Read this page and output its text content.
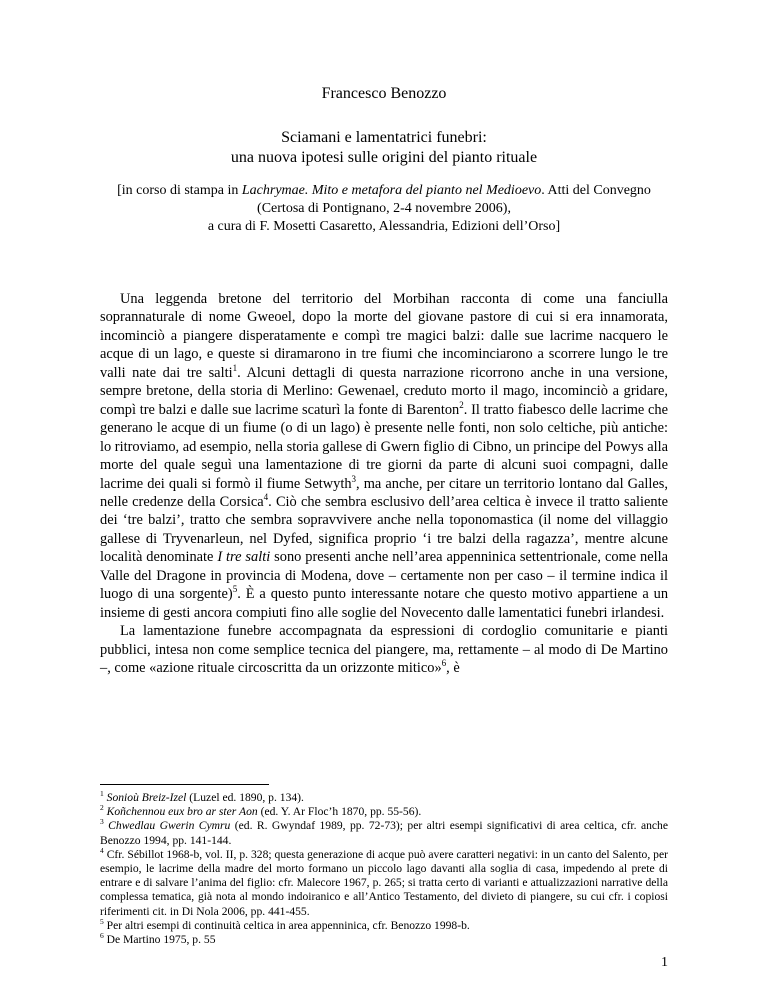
Francesco Benozzo
Sciamani e lamentatrici funebri:
una nuova ipotesi sulle origini del pianto rituale
[in corso di stampa in Lachrymae. Mito e metafora del pianto nel Medioevo. Atti del Convegno (Certosa di Pontignano, 2-4 novembre 2006),
a cura di F. Mosetti Casaretto, Alessandria, Edizioni dell’Orso]

Una leggenda bretone del territorio del Morbihan racconta di come una fanciulla soprannaturale di nome Gweoel, dopo la morte del giovane pastore di cui si era innamorata, incominciò a piangere disperatamente e compì tre magici balzi: dalle sue lacrime nacquero le acque di un lago, e queste si diramarono in tre fiumi che incominciarono a scorrere lungo le tre valli nate dai tre salti$^1$. Alcuni dettagli di questa narrazione ricorrono anche in una versione, sempre bretone, della storia di Merlino: Gewenael, creduto morto il mago, incominciò a gridare, compì tre balzi e dalle sue lacrime scaturì la fonte di Barenton$^2$. Il tratto fiabesco delle lacrime che generano le acque di un fiume (o di un lago) è presente nelle fonti, non solo celtiche, più antiche: lo ritroviamo, ad esempio, nella storia gallese di Gwern figlio di Cibno, un principe del Powys alla morte del quale seguì una lamentazione di tre giorni da parte di alcuni suoi compagni, dalle lacrime dei quali si formò il fiume Setwyth$^3$, ma anche, per citare un territorio lontano dal Galles, nelle credenze della Corsica$^4$. Ciò che sembra esclusivo dell’area celtica è invece il tratto saliente dei ‘tre balzi’, tratto che sembra sopravvivere anche nella toponomastica (il nome del villaggio gallese di Tryvenarleun, nel Dyfed, significa proprio ‘i tre balzi della ragazza’, mentre alcune località denominate I tre salti sono presenti anche nell’area appenninica settentrionale, come nella Valle del Dragone in provincia di Modena, dove – certamente non per caso – il termine indica il luogo di una sorgente)$^5$. È a questo punto interessante notare che questo motivo appartiene a un insieme di gesti ancora compiuti fino alle soglie del Novecento dalle lamentatici funebri irlandesi.

La lamentazione funebre accompagnata da espressioni di cordoglio comunitarie e pianti pubblici, intesa non come semplice tecnica del piangere, ma, rettamente – al modo di De Martino –, come «azione rituale circoscritta da un orizzonte mitico»$^6$, è

$^1$ Sonioù Breiz-Izel (Luzel ed. 1890, p. 134).
$^2$ Koñchennou eux bro ar ster Aon (ed. Y. Ar Floc’h 1870, pp. 55-56).
$^3$ Chwedlau Gwerin Cymru (ed. R. Gwyndaf 1989, pp. 72-73); per altri esempi significativi di area celtica, cfr. anche Benozzo 1994, pp. 141-144.
$^4$ Cfr. Sébillot 1968-b, vol. II, p. 328; questa generazione di acque può avere caratteri negativi: in un canto del Salento, per esempio, le lacrime della madre del morto formano un piccolo lago davanti alla soglia di casa, impedendo al prete di entrare e di salvare l’anima del figlio: cfr. Malecore 1967, p. 265; si tratta certo di varianti e attualizzazioni narrative della complessa tematica, già nota al mondo indoiranico e all’Antico Testamento, del divieto di piangere, su cui cfr. i copiosi riferimenti cit. in Di Nola 2006, pp. 441-455.
$^5$ Per altri esempi di continuità celtica in area appenninica, cfr. Benozzo 1998-b.
$^6$ De Martino 1975, p. 55
1
